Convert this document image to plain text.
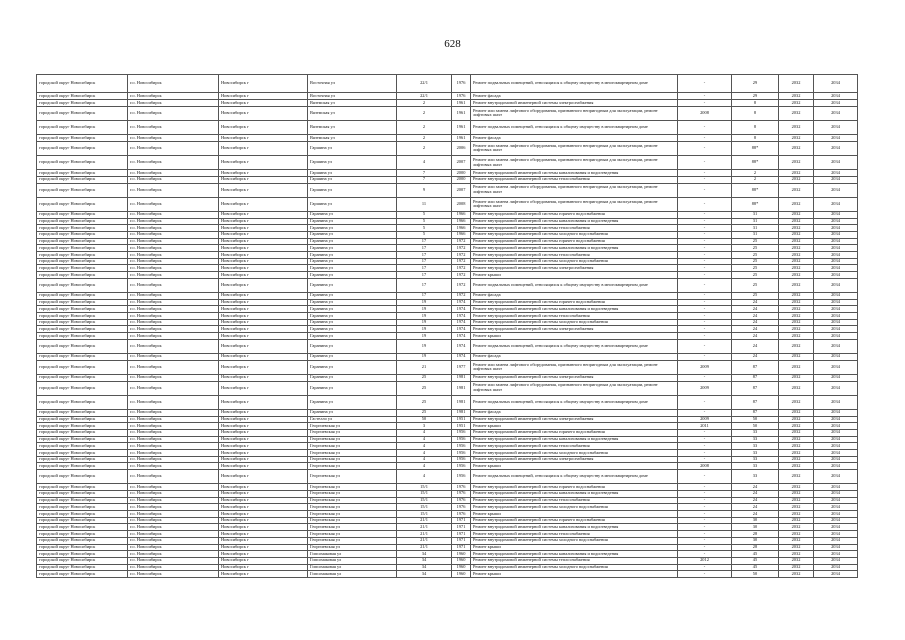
628
городской округ Новосибирск	г.о. Новосибирск	Новосибирск г	Восточная ул	22/1	1976	Ремонт подвальных помещений, относящихся к общему имуществу в многоквартирном доме	-	29	2032	2034
городской округ Новосибирск	г.о. Новосибирск	Новосибирск г	Восточная ул	22/1	1976	Ремонт фасада	-	29	2032	2034
городской округ Новосибирск	г.о. Новосибирск	Новосибирск г	Вяземская ул	2	1961	Ремонт внутридомовой инженерной системы электроснабжения	-	8	2032	2034
городской округ Новосибирск	г.о. Новосибирск	Новосибирск г	Вяземская ул	2	1961	Ремонт или замена лифтового оборудования, признанного непригодным для эксплуатации, ремонт лифтовых шахт	2008	8	2032	2034
городской округ Новосибирск	г.о. Новосибирск	Новосибирск г	Вяземская ул	2	1961	Ремонт подвальных помещений, относящихся к общему имуществу в многоквартирном доме	-	8	2032	2034
городской округ Новосибирск	г.о. Новосибирск	Новосибирск г	Вяземская ул	2	1961	Ремонт фасада	-	8	2032	2034
городской округ Новосибирск	г.о. Новосибирск	Новосибирск г	Гаршина ул	2	2006	Ремонт или замена лифтового оборудования, признанного непригодным для эксплуатации, ремонт лифтовых шахт	-	88*	2032	2034
городской округ Новосибирск	г.о. Новосибирск	Новосибирск г	Гаршина ул	4	2007	Ремонт или замена лифтового оборудования, признанного непригодным для эксплуатации, ремонт лифтовых шахт	-	88*	2032	2034
городской округ Новосибирск	г.о. Новосибирск	Новосибирск г	Гаршина ул	7	2000	Ремонт внутридомовой инженерной системы канализования и водоотведения	-	2	2032	2034
городской округ Новосибирск	г.о. Новосибирск	Новосибирск г	Гаршина ул	7	2000	Ремонт внутридомовой инженерной системы теплоснабжения	-	2	2032	2034
городской округ Новосибирск	г.о. Новосибирск	Новосибирск г	Гаршина ул	9	2007	Ремонт или замена лифтового оборудования, признанного непригодным для эксплуатации, ремонт лифтовых шахт	-	88*	2032	2034
городской округ Новосибирск	г.о. Новосибирск	Новосибирск г	Гаршина ул	11	2008	Ремонт или замена лифтового оборудования, признанного непригодным для эксплуатации, ремонт лифтовых шахт	-	88*	2032	2034
городской округ Новосибирск	г.о. Новосибирск	Новосибирск г	Гаранина ул	5	1966	Ремонт внутридомовой инженерной системы горячего водоснабжения	-	31	2032	2034
городской округ Новосибирск	г.о. Новосибирск	Новосибирск г	Гаранина ул	5	1966	Ремонт внутридомовой инженерной системы канализования и водоотведения	-	31	2032	2034
городской округ Новосибирск	г.о. Новосибирск	Новосибирск г	Гаранина ул	5	1966	Ремонт внутридомовой инженерной системы теплоснабжения	-	31	2032	2034
городской округ Новосибирск	г.о. Новосибирск	Новосибирск г	Гаранина ул	5	1966	Ремонт внутридомовой инженерной системы холодного водоснабжения	-	31	2032	2034
городской округ Новосибирск	г.о. Новосибирск	Новосибирск г	Гаранина ул	17	1972	Ремонт внутридомовой инженерной системы горячего водоснабжения	-	25	2032	2034
городской округ Новосибирск	г.о. Новосибирск	Новосибирск г	Гаранина ул	17	1972	Ремонт внутридомовой инженерной системы канализования и водоотведения	-	25	2032	2034
городской округ Новосибирск	г.о. Новосибирск	Новосибирск г	Гаранина ул	17	1972	Ремонт внутридомовой инженерной системы теплоснабжения	-	25	2032	2034
городской округ Новосибирск	г.о. Новосибирск	Новосибирск г	Гаранина ул	17	1972	Ремонт внутридомовой инженерной системы холодного водоснабжения	-	25	2032	2034
городской округ Новосибирск	г.о. Новосибирск	Новосибирск г	Гаранина ул	17	1972	Ремонт внутридомовой инженерной системы электроснабжения	-	25	2032	2034
городской округ Новосибирск	г.о. Новосибирск	Новосибирск г	Гаранина ул	17	1972	Ремонт крыши	-	25	2032	2034
городской округ Новосибирск	г.о. Новосибирск	Новосибирск г	Гаранина ул	17	1972	Ремонт подвальных помещений, относящихся к общему имуществу в многоквартирном доме	-	25	2032	2034
городской округ Новосибирск	г.о. Новосибирск	Новосибирск г	Гаранина ул	17	1972	Ремонт фасада	-	25	2032	2034
городской округ Новосибирск	г.о. Новосибирск	Новосибирск г	Гаранина ул	19	1974	Ремонт внутридомовой инженерной системы горячего водоснабжения	-	24	2032	2034
городской округ Новосибирск	г.о. Новосибирск	Новосибирск г	Гаранина ул	19	1974	Ремонт внутридомовой инженерной системы канализования и водоотведения	-	24	2032	2034
городской округ Новосибирск	г.о. Новосибирск	Новосибирск г	Гаранина ул	19	1974	Ремонт внутридомовой инженерной системы теплоснабжения	-	24	2032	2034
городской округ Новосибирск	г.о. Новосибирск	Новосибирск г	Гаранина ул	19	1974	Ремонт внутридомовой инженерной системы холодного водоснабжения	-	24	2032	2034
городской округ Новосибирск	г.о. Новосибирск	Новосибирск г	Гаранина ул	19	1974	Ремонт внутридомовой инженерной системы электроснабжения	-	24	2032	2034
городской округ Новосибирск	г.о. Новосибирск	Новосибирск г	Гаранина ул	19	1974	Ремонт крыши	-	24	2032	2034
городской округ Новосибирск	г.о. Новосибирск	Новосибирск г	Гаранина ул	19	1974	Ремонт подвальных помещений, относящихся к общему имуществу в многоквартирном доме	-	24	2032	2034
городской округ Новосибирск	г.о. Новосибирск	Новосибирск г	Гаранина ул	19	1974	Ремонт фасада	-	24	2032	2034
городской округ Новосибирск	г.о. Новосибирск	Новосибирск г	Гаранина ул	21	1977	Ремонт или замена лифтового оборудования, признанного непригодным для эксплуатации, ремонт лифтовых шахт	2009	87	2032	2034
городской округ Новосибирск	г.о. Новосибирск	Новосибирск г	Гаранина ул	25	1981	Ремонт внутридомовой инженерной системы электроснабжения	-	87	2032	2034
городской округ Новосибирск	г.о. Новосибирск	Новосибирск г	Гаранина ул	25	1981	Ремонт или замена лифтового оборудования, признанного непригодным для эксплуатации, ремонт лифтовых шахт	2009	87	2032	2034
городской округ Новосибирск	г.о. Новосибирск	Новосибирск г	Гаранина ул	25	1981	Ремонт подвальных помещений, относящихся к общему имуществу в многоквартирном доме	-	87	2032	2034
городской округ Новосибирск	г.о. Новосибирск	Новосибирск г	Гаранина ул	25	1981	Ремонт фасада	-	87	2032	2034
городской округ Новосибирск	г.о. Новосибирск	Новосибирск г	Гастелло ул	50	1951	Ремонт внутридомовой инженерной системы электроснабжения	2009	50	2032	2034
городской округ Новосибирск	г.о. Новосибирск	Новосибирск г	Георгиевская ул	3	1951	Ремонт крыши	2011	50	2032	2034
городской округ Новосибирск	г.о. Новосибирск	Новосибирск г	Георгиевская ул	4	1956	Ремонт внутридомовой инженерной системы горячего водоснабжения	-	33	2032	2034
городской округ Новосибирск	г.о. Новосибирск	Новосибирск г	Георгиевская ул	4	1956	Ремонт внутридомовой инженерной системы канализования и водоотведения	-	33	2032	2034
городской округ Новосибирск	г.о. Новосибирск	Новосибирск г	Георгиевская ул	4	1956	Ремонт внутридомовой инженерной системы теплоснабжения	-	33	2032	2034
городской округ Новосибирск	г.о. Новосибирск	Новосибирск г	Георгиевская ул	4	1956	Ремонт внутридомовой инженерной системы холодного водоснабжения	-	33	2032	2034
городской округ Новосибирск	г.о. Новосибирск	Новосибирск г	Георгиевская ул	4	1956	Ремонт внутридомовой инженерной системы электроснабжения	-	33	2032	2034
городской округ Новосибирск	г.о. Новосибирск	Новосибирск г	Георгиевская ул	4	1956	Ремонт крыши	2008	33	2032	2034
городской округ Новосибирск	г.о. Новосибирск	Новосибирск г	Георгиевская ул	4	1956	Ремонт подвальных помещений, относящихся к общему имуществу в многоквартирном доме	-	33	2032	2034
городской округ Новосибирск	г.о. Новосибирск	Новосибирск г	Георгиевская ул	15/1	1976	Ремонт внутридомовой инженерной системы горячего водоснабжения	-	24	2032	2034
городской округ Новосибирск	г.о. Новосибирск	Новосибирск г	Георгиевская ул	15/1	1976	Ремонт внутридомовой инженерной системы канализования и водоотведения	-	24	2032	2034
городской округ Новосибирск	г.о. Новосибирск	Новосибирск г	Георгиевская ул	15/1	1976	Ремонт внутридомовой инженерной системы теплоснабжения	-	24	2032	2034
городской округ Новосибирск	г.о. Новосибирск	Новосибирск г	Георгиевская ул	15/1	1976	Ремонт внутридомовой инженерной системы холодного водоснабжения	-	24	2032	2034
городской округ Новосибирск	г.о. Новосибирск	Новосибирск г	Георгиевская ул	15/1	1976	Ремонт крыши	-	24	2032	2034
городской округ Новосибирск	г.о. Новосибирск	Новосибирск г	Георгиевская ул	21/1	1971	Ремонт внутридомовой инженерной системы горячего водоснабжения	-	30	2032	2034
городской округ Новосибирск	г.о. Новосибирск	Новосибирск г	Георгиевская ул	21/1	1971	Ремонт внутридомовой инженерной системы канализования и водоотведения	-	30	2032	2034
городской округ Новосибирск	г.о. Новосибирск	Новосибирск г	Георгиевская ул	21/1	1971	Ремонт внутридомовой инженерной системы теплоснабжения	-	28	2032	2034
городской округ Новосибирск	г.о. Новосибирск	Новосибирск г	Георгиевская ул	21/1	1971	Ремонт внутридомовой инженерной системы холодного водоснабжения	-	30	2032	2034
городской округ Новосибирск	г.о. Новосибирск	Новосибирск г	Георгиевская ул	21/1	1971	Ремонт крыши	-	28	2032	2034
городской округ Новосибирск	г.о. Новосибирск	Новосибирск г	Гипсомаковая ул	34	1960	Ремонт внутридомовой инженерной системы канализования и водоотведения	-	45	2032	2034
городской округ Новосибирск	г.о. Новосибирск	Новосибирск г	Гипсомаковая ул	34	1960	Ремонт внутридомовой инженерной системы теплоснабжения	2012	45	2032	2034
городской округ Новосибирск	г.о. Новосибирск	Новосибирск г	Гипсомаковая ул	34	1960	Ремонт внутридомовой инженерной системы холодного водоснабжения	-	45	2032	2034
городской округ Новосибирск	г.о. Новосибирск	Новосибирск г	Гипсомаковая ул	34	1960	Ремонт крыши	-	50	2032	2034
